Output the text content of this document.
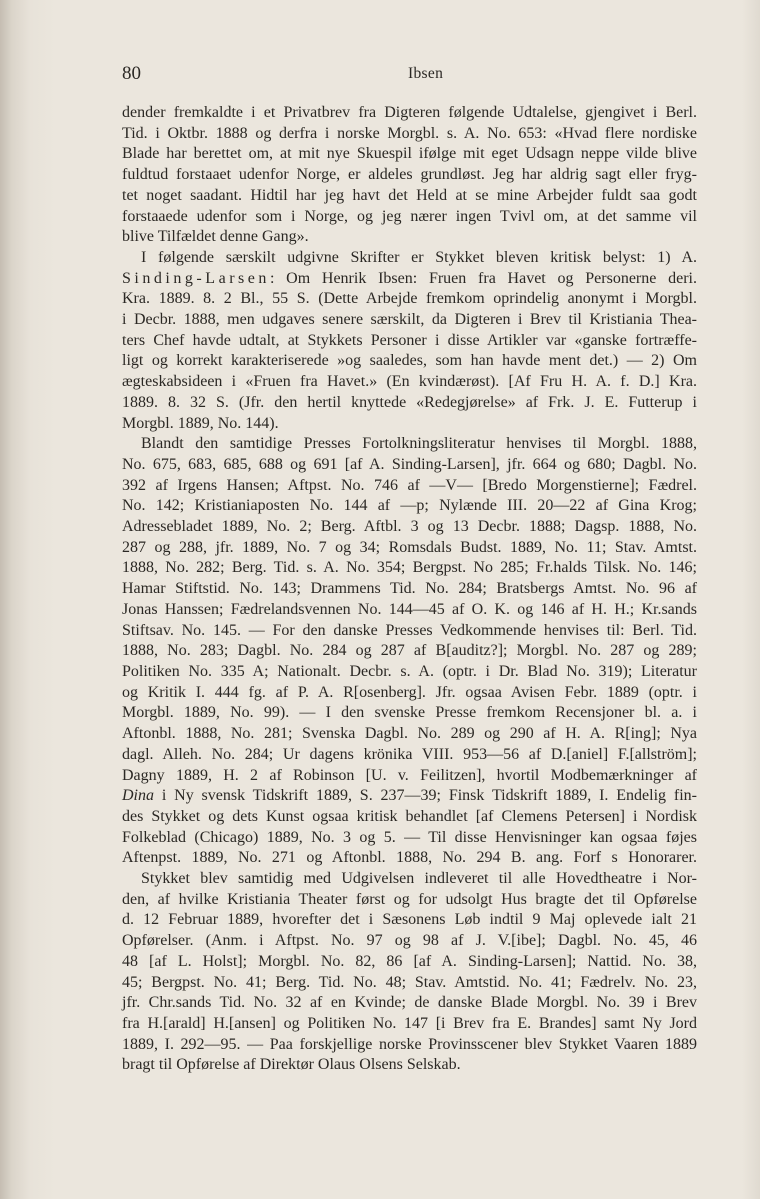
80	Ibsen
dender fremkaldte i et Privatbrev fra Digteren følgende Udtalelse, gjengivet i Berl.
Tid. i Oktbr. 1888 og derfra i norske Morgbl. s. A. No. 653: «Hvad flere nordiske
Blade har berettet om, at mit nye Skuespil ifølge mit eget Udsagn neppe vilde blive
fuldtud forstaaet udenfor Norge, er aldeles grundløst. Jeg har aldrig sagt eller fryg-
tet noget saadant. Hidtil har jeg havt det Held at se mine Arbejder fuldt saa godt
forstaaede udenfor som i Norge, og jeg nærer ingen Tvivl om, at det samme vil
blive Tilfældet denne Gang».
I følgende særskilt udgivne Skrifter er Stykket bleven kritisk belyst: 1) A.
Sinding-Larsen: Om Henrik Ibsen: Fruen fra Havet og Personerne deri.
Kra. 1889. 8. 2 Bl., 55 S. (Dette Arbejde fremkom oprindelig anonymt i Morgbl.
i Decbr. 1888, men udgaves senere særskilt, da Digteren i Brev til Kristiania Thea-
ters Chef havde udtalt, at Stykkets Personer i disse Artikler var «ganske fortræffe-
ligt og korrekt karakteriserede »og saaledes, som han havde ment det.) — 2) Om
ægteskabsideen i «Fruen fra Havet.» (En kvindærøst). [Af Fru H. A. f. D.] Kra.
1889. 8. 32 S. (Jfr. den hertil knyttede «Redegjørelse» af Frk. J. E. Futterup i
Morgbl. 1889, No. 144).
Blandt den samtidige Presses Fortolkningsliteratur henvises til Morgbl. 1888,
No. 675, 683, 685, 688 og 691 [af A. Sinding-Larsen], jfr. 664 og 680; Dagbl. No.
392 af Irgens Hansen; Aftpst. No. 746 af —V— [Bredo Morgenstierne]; Fædrel.
No. 142; Kristianiaposten No. 144 af —p; Nylænde III. 20—22 af Gina Krog;
Adressebladet 1889, No. 2; Berg. Aftbl. 3 og 13 Decbr. 1888; Dagsp. 1888, No.
287 og 288, jfr. 1889, No. 7 og 34; Romsdals Budst. 1889, No. 11; Stav. Amtst.
1888, No. 282; Berg. Tid. s. A. No. 354; Bergpst. No 285; Fr.halds Tilsk. No. 146;
Hamar Stiftstid. No. 143; Drammens Tid. No. 284; Bratsbergs Amtst. No. 96 af
Jonas Hanssen; Fædrelandsvennen No. 144—45 af O. K. og 146 af H. H.; Kr.sands
Stiftsav. No. 145. — For den danske Presses Vedkommende henvises til: Berl. Tid.
1888, No. 283; Dagbl. No. 284 og 287 af B[auditz?]; Morgbl. No. 287 og 289;
Politiken No. 335 A; Nationalt. Decbr. s. A. (optr. i Dr. Blad No. 319); Literatur
og Kritik I. 444 fg. af P. A. R[osenberg]. Jfr. ogsaa Avisen Febr. 1889 (optr. i
Morgbl. 1889, No. 99). — I den svenske Presse fremkom Recensjoner bl. a. i
Aftonbl. 1888, No. 281; Svenska Dagbl. No. 289 og 290 af H. A. R[ing]; Nya
dagl. Alleh. No. 284; Ur dagens krönika VIII. 953—56 af D.[aniel] F.[allström];
Dagny 1889, H. 2 af Robinson [U. v. Feilitzen], hvortil Modbemærkninger af
Dina i Ny svensk Tidskrift 1889, S. 237—39; Finsk Tidskrift 1889, I. Endelig fin-
des Stykket og dets Kunst ogsaa kritisk behandlet [af Clemens Petersen] i Nordisk
Folkeblad (Chicago) 1889, No. 3 og 5. — Til disse Henvisninger kan ogsaa føjes
Aftenpst. 1889, No. 271 og Aftonbl. 1888, No. 294 B. ang. Forf s Honorarer.
Stykket blev samtidig med Udgivelsen indleveret til alle Hovedtheatre i Nor-
den, af hvilke Kristiania Theater først og for udsolgt Hus bragte det til Opførelse
d. 12 Februar 1889, hvorefter det i Sæsonens Løb indtil 9 Maj oplevede ialt 21
Opførelser. (Anm. i Aftpst. No. 97 og 98 af J. V.[ibe]; Dagbl. No. 45, 46
48 [af L. Holst]; Morgbl. No. 82, 86 [af A. Sinding-Larsen]; Nattid. No. 38,
45; Bergpst. No. 41; Berg. Tid. No. 48; Stav. Amtstid. No. 41; Fædrelv. No. 23,
jfr. Chr.sands Tid. No. 32 af en Kvinde; de danske Blade Morgbl. No. 39 i Brev
fra H.[arald] H.[ansen] og Politiken No. 147 [i Brev fra E. Brandes] samt Ny Jord
1889, I. 292—95. — Paa forskjellige norske Provinsscener blev Stykket Vaaren 1889
bragt til Opførelse af Direktør Olaus Olsens Selskab.
